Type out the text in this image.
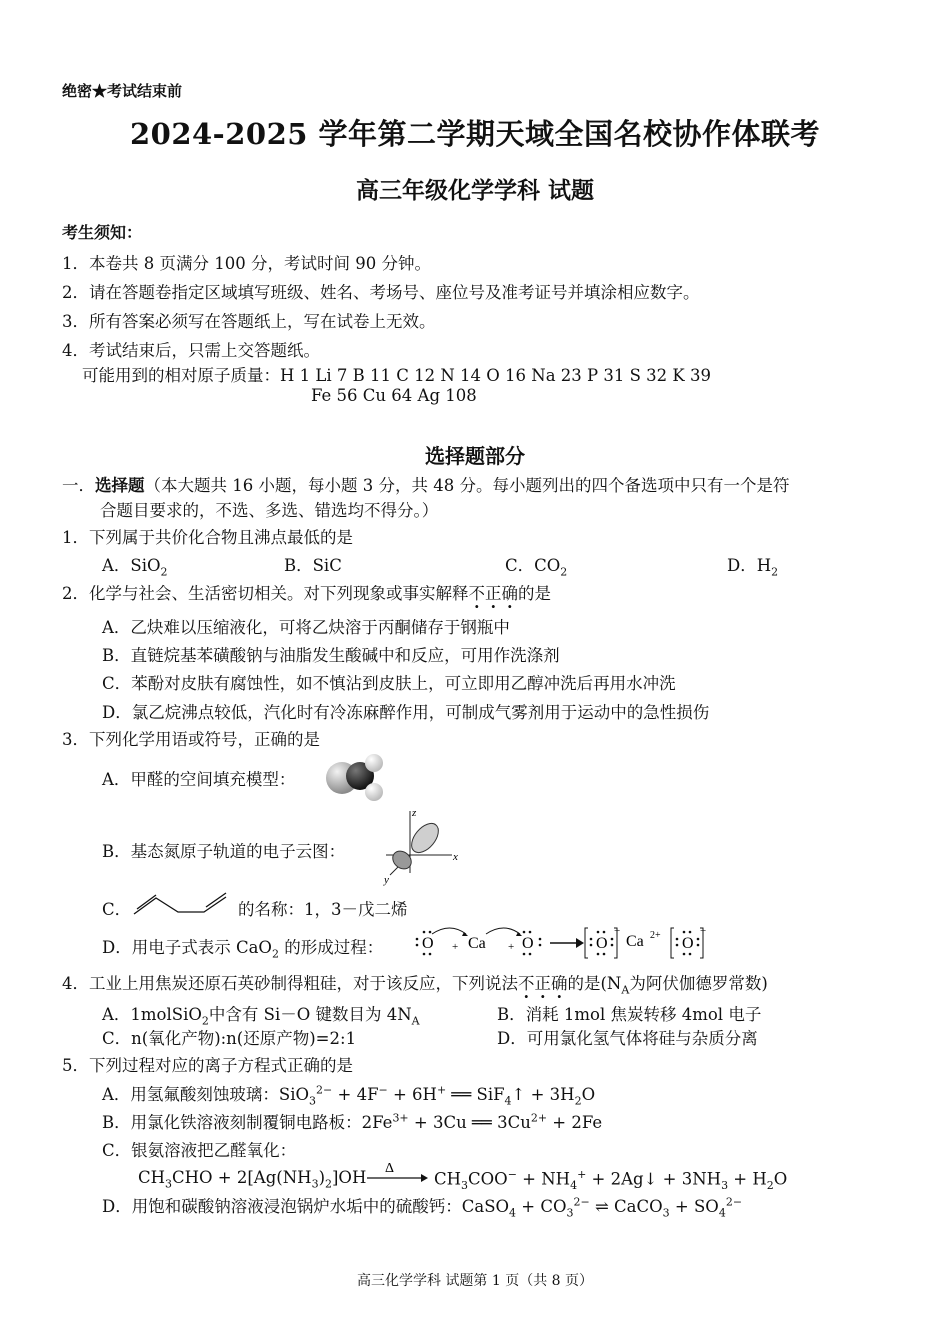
绝密★考试结束前
2024-2025 学年第二学期天域全国名校协作体联考
高三年级化学学科 试题
考生须知：
1．本卷共 8 页满分 100 分，考试时间 90 分钟。
2．请在答题卷指定区域填写班级、姓名、考场号、座位号及准考证号并填涂相应数字。
3．所有答案必须写在答题纸上，写在试卷上无效。
4．考试结束后，只需上交答题纸。
可能用到的相对原子质量：H 1 Li 7 B 11 C 12 N 14 O 16 Na 23 P 31 S 32 K 39
Fe 56 Cu 64 Ag 108
选择题部分
一．选择题（本大题共 16 小题，每小题 3 分，共 48 分。每小题列出的四个备选项中只有一个是符
合题目要求的，不选、多选、错选均不得分。）
1．下列属于共价化合物且沸点最低的是
A．SiO$_2$	B．SiC	C．$CO_2$	D．$H_2$
2．化学与社会、生活密切相关。对下列现象或事实解释不正确的是
A．乙炔难以压缩液化，可将乙炔溶于丙酮储存于钢瓶中
B．直链烷基苯磺酸钠与油脂发生酸碱中和反应，可用作洗涤剂
C．苯酚对皮肤有腐蚀性，如不慎沾到皮肤上，可立即用乙醇冲洗后再用水冲洗
D．氯乙烷沸点较低，汽化时有冷冻麻醉作用，可制成气雾剂用于运动中的急性损伤
3．下列化学用语或符号，正确的是
A．甲醛的空间填充模型：
B．基态氮原子轨道的电子云图：
z
x
y
C．	的名称：1，3－戊二烯
D．用电子式表示 CaO$_2$ 的形成过程： O + Ca + O	O Ca 2+ O
−	−
4．工业上用焦炭还原石英砂制得粗硅，对于该反应，下列说法不正确的是($N_A$为阿伏伽德罗常数)
A．1molSiO$_2$中含有 Si－O 键数目为 $4N_A$	B．消耗 1mol 焦炭转移 4mol 电子
C．n(氧化产物):n(还原产物)=2:1	D．可用氯化氢气体将硅与杂质分离
5．下列过程对应的离子方程式正确的是
A．用氢氟酸刻蚀玻璃：SiO$_3^{2-}$ + 4F− + 6H+ ══ SiF$_4$↑ + $3H_2O$
B．用氯化铁溶液刻制覆铜电路板：$2Fe^{3+} + 3Cu$ ══ $3Cu^{2+} + 2Fe$
C．银氨溶液把乙醛氧化：
$CH_3CHO + 2[Ag(NH_3)_2]OH$ Δ
$CH_3COO^- + NH_4^+$ + 2Ag↓ + $3NH_3 + H_2O$
D．用饱和碳酸钠溶液浸泡锅炉水垢中的硫酸钙：CaSO$_4$ + $CO_3^{2-}$ ⇌ CaCO$_3$ + $SO_4^{2-}$
高三化学学科 试题第 1 页（共 8 页）
